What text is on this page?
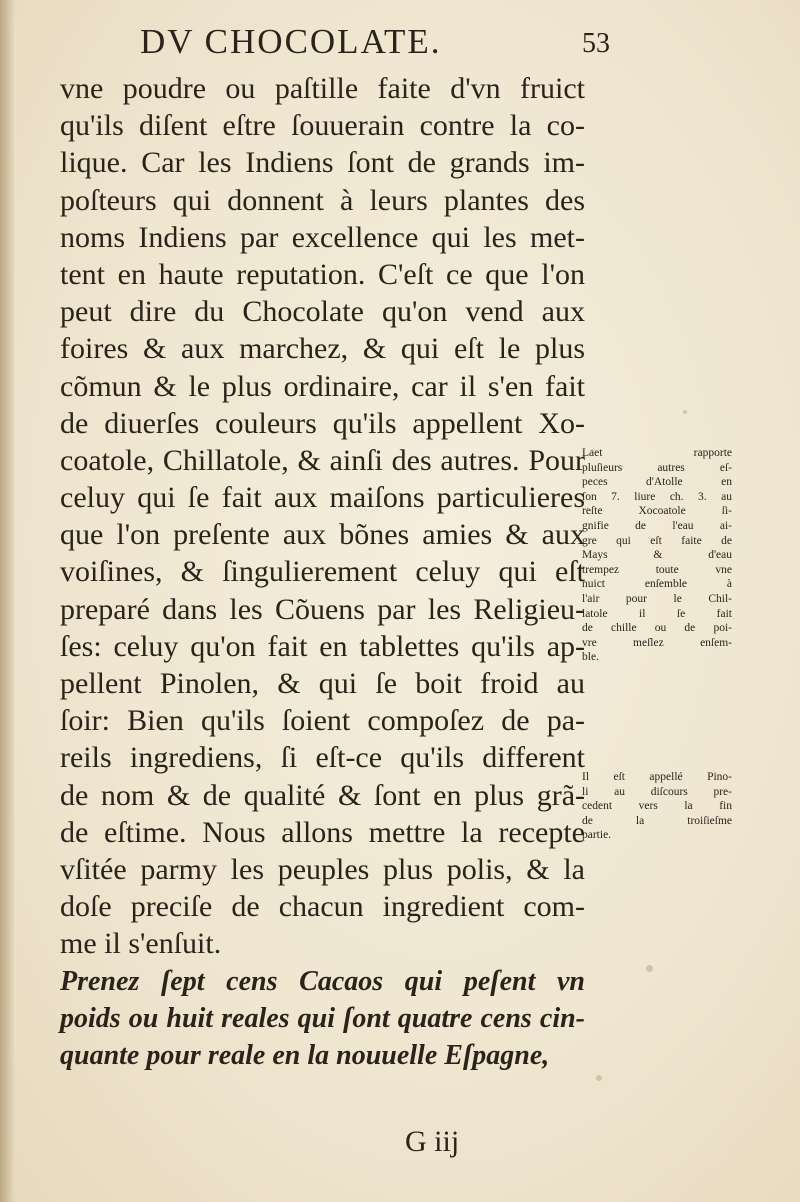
DV CHOCOLATE.	53
vne poudre ou paſtille faite d'vn fruict
qu'ils diſent eſtre ſouuerain contre la co-
lique. Car les Indiens ſont de grands im-
poſteurs qui donnent à leurs plantes des
noms Indiens par excellence qui les met-
tent en haute reputation. C'eſt ce que l'on
peut dire du Chocolate qu'on vend aux
foires & aux marchez, & qui eſt le plus
cõmun & le plus ordinaire, car il s'en fait
de diuerſes couleurs qu'ils appellent Xo-
coatole, Chillatole, & ainſi des autres. Pour
celuy qui ſe fait aux maiſons particulieres
que l'on preſente aux bõnes amies & aux
voiſines, & ſingulierement celuy qui eſt
preparé dans les Cõuens par les Religieu-
ſes: celuy qu'on fait en tablettes qu'ils ap-
pellent Pinolen, & qui ſe boit froid au
ſoir: Bien qu'ils ſoient compoſez de pa-
reils ingrediens, ſi eſt-ce qu'ils different
de nom & de qualité & ſont en plus grã-
de eſtime. Nous allons mettre la recepte
vſitée parmy les peuples plus polis, & la
doſe preciſe de chacun ingredient com-
me il s'enſuit.
Prenez ſept cens Cacaos qui peſent vn
poids ou huit reales qui ſont quatre cens cin-
quante pour reale en la nouuelle Eſpagne,
Laet rapporte
pluſieurs autres eſ-
peces d'Atolle en
ſon 7. liure ch. 3. au
reſte Xocoatole ſi-
gnifie de l'eau ai-
gre qui eſt faite de
Mays & d'eau
trempez toute vne
nuict enſemble à
l'air pour le Chil-
latole il ſe fait
de chille ou de poi-
vre meſlez enſem-
ble.
Il eſt appellé Pino-
li au diſcours pre-
cedent vers la fin
de la troiſieſme
partie.
G iij
